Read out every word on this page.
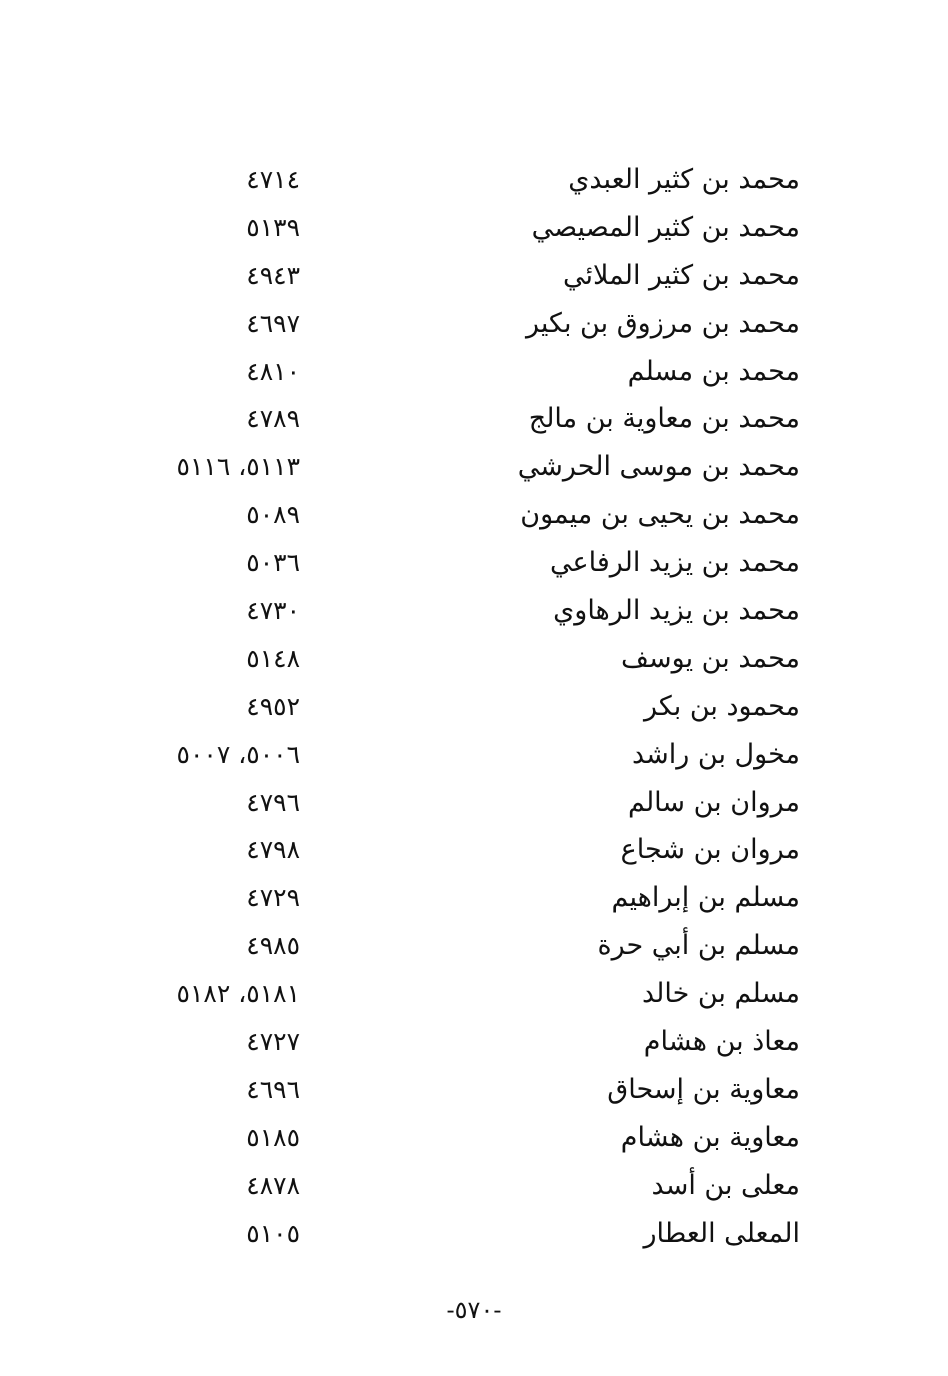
محمد بن كثير العبدي
٤٧١٤
محمد بن كثير المصيصي
٥١٣٩
محمد بن كثير الملائي
٤٩٤٣
محمد بن مرزوق بن بكير
٤٦٩٧
محمد بن مسلم
٤٨١٠
محمد بن معاوية بن مالج
٤٧٨٩
محمد بن موسى الحرشي
٥١١٣، ٥١١٦
محمد بن يحيى بن ميمون
٥٠٨٩
محمد بن يزيد الرفاعي
٥٠٣٦
محمد بن يزيد الرهاوي
٤٧٣٠
محمد بن يوسف
٥١٤٨
محمود بن بكر
٤٩٥٢
مخول بن راشد
٥٠٠٦، ٥٠٠٧
مروان بن سالم
٤٧٩٦
مروان بن شجاع
٤٧٩٨
مسلم بن إبراهيم
٤٧٢٩
مسلم بن أبي حرة
٤٩٨٥
مسلم بن خالد
٥١٨١، ٥١٨٢
معاذ بن هشام
٤٧٢٧
معاوية بن إسحاق
٤٦٩٦
معاوية بن هشام
٥١٨٥
معلى بن أسد
٤٨٧٨
المعلى العطار
٥١٠٥
-٥٧٠-
